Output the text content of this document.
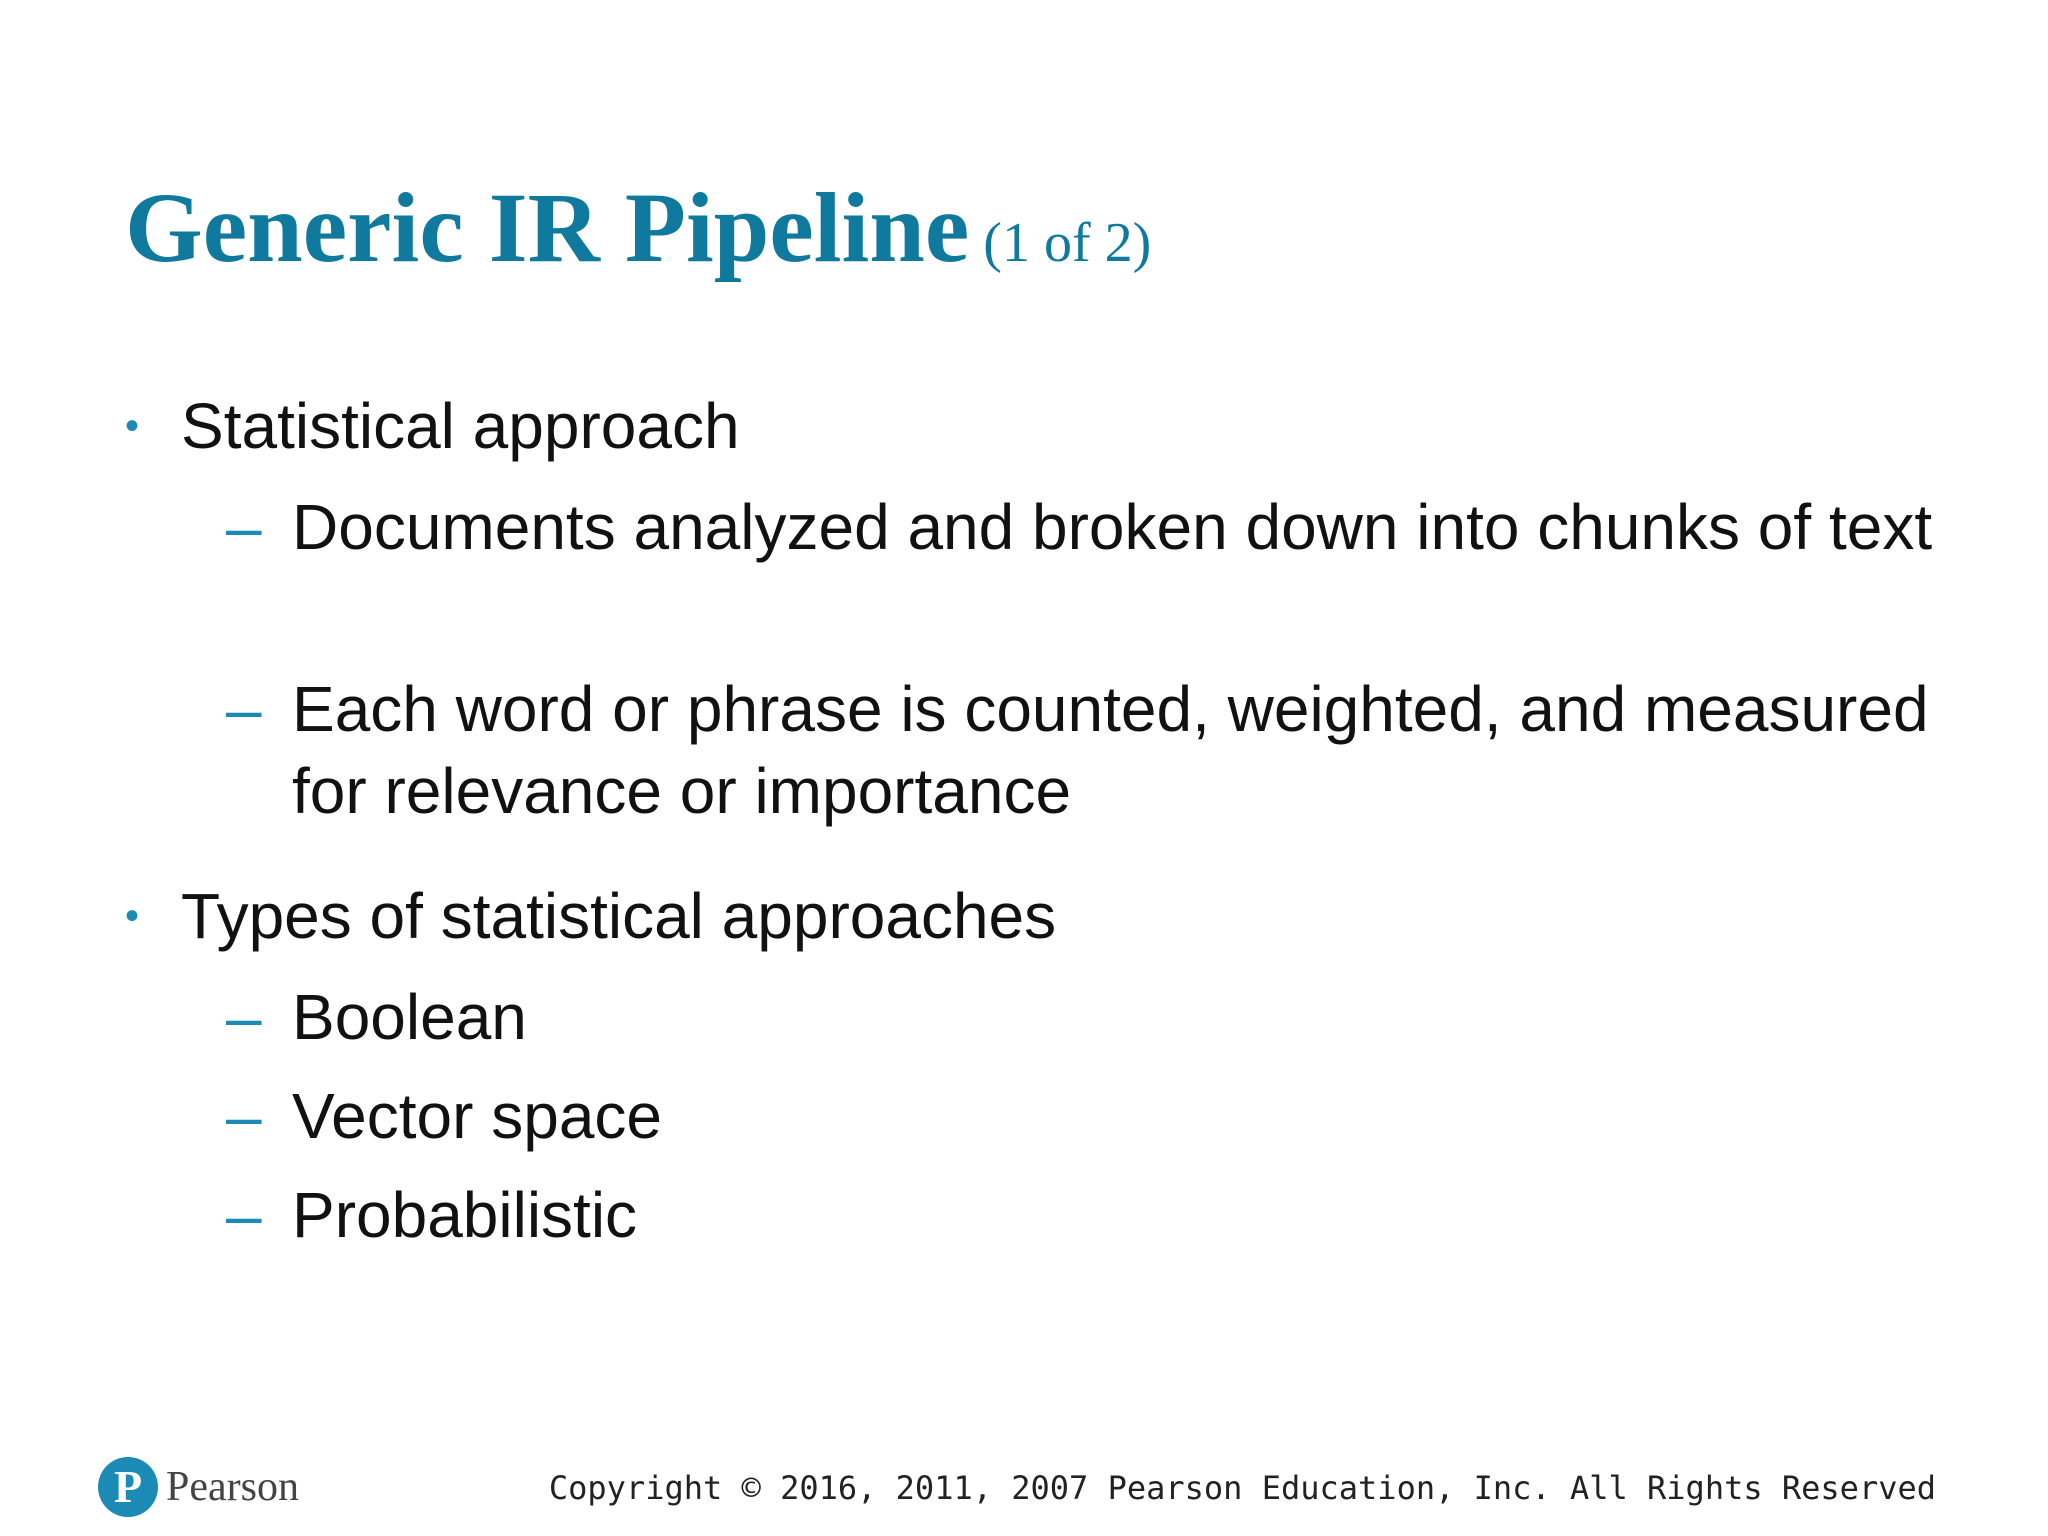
Generic IR Pipeline (1 of 2)
• Statistical approach
– Documents analyzed and broken down into chunks of text
– Each word or phrase is counted, weighted, and measured for relevance or importance
• Types of statistical approaches
– Boolean
– Vector space
– Probabilistic
P Pearson	Copyright © 2016, 2011, 2007 Pearson Education, Inc. All Rights Reserved
